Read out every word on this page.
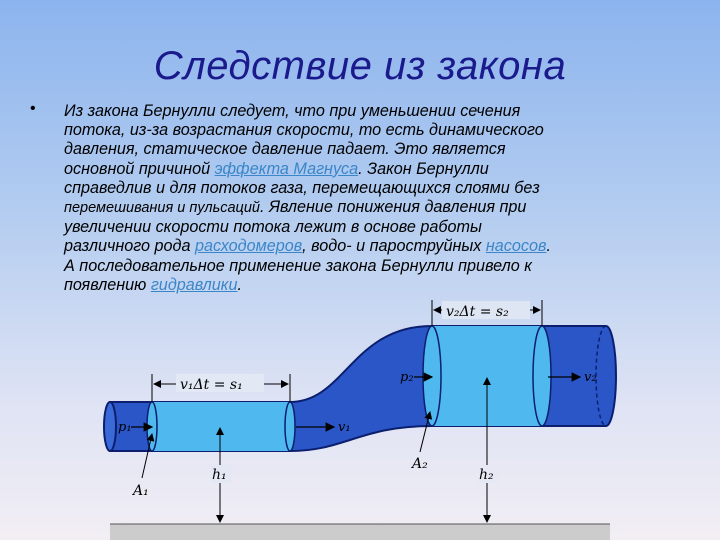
Следствие из закона
• Из закона Бернулли следует, что при уменьшении сечения
потока, из-за возрастания скорости, то есть динамического
давления, статическое давление падает. Это является
основной причиной эффекта Магнуса. Закон Бернулли
справедлив и для потоков газа, перемещающихся слоями без
перемешивания и пульсаций. Явление понижения давления при
увеличении скорости потока лежит в основе работы
различного рода расходомеров, водо- и пароструйных насосов.
А последовательное применение закона Бернулли привело к
появлению гидравлики.
v₁Δt = s₁
v₂Δt = s₂
p₁	v₁
p₂	v₂
A₁
A₂
h₁	h₂
